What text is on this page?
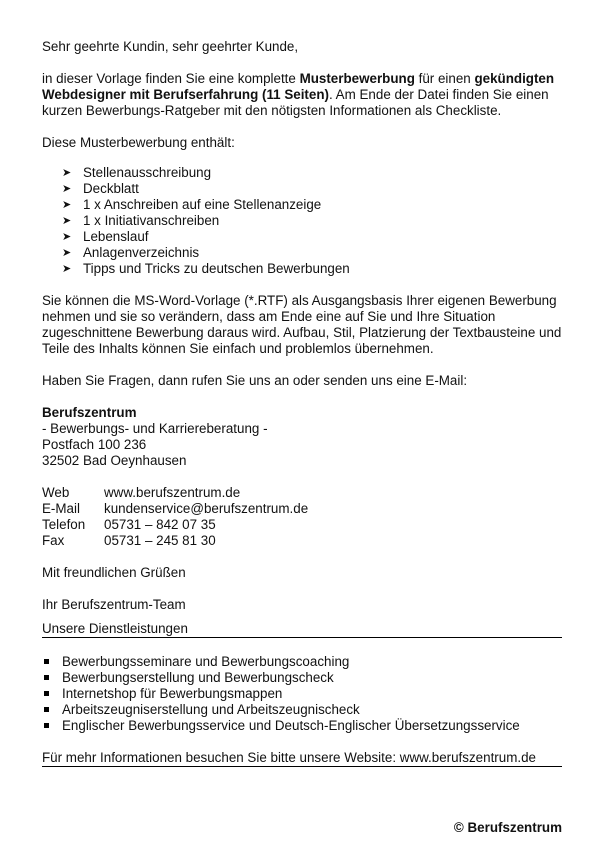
Sehr geehrte Kundin, sehr geehrter Kunde,

in dieser Vorlage finden Sie eine komplette Musterbewerbung für einen gekündigten Webdesigner mit Berufserfahrung (11 Seiten). Am Ende der Datei finden Sie einen kurzen Bewerbungs-Ratgeber mit den nötigsten Informationen als Checkliste.

Diese Musterbewerbung enthält:

➤ Stellenausschreibung
➤ Deckblatt
➤ 1 x Anschreiben auf eine Stellenanzeige
➤ 1 x Initiativanschreiben
➤ Lebenslauf
➤ Anlagenverzeichnis
➤ Tipps und Tricks zu deutschen Bewerbungen

Sie können die MS-Word-Vorlage (*.RTF) als Ausgangsbasis Ihrer eigenen Bewerbung nehmen und sie so verändern, dass am Ende eine auf Sie und Ihre Situation zugeschnittene Bewerbung daraus wird. Aufbau, Stil, Platzierung der Textbausteine und Teile des Inhalts können Sie einfach und problemlos übernehmen.

Haben Sie Fragen, dann rufen Sie uns an oder senden uns eine E-Mail:

Berufszentrum

- Bewerbungs- und Karriereberatung -

Postfach 100 236

32502 Bad Oeynhausen

Web	www.berufszentrum.de
E-Mail	kundenservice@berufszentrum.de
Telefon	05731 – 842 07 35
Fax	05731 – 245 81 30

Mit freundlichen Grüßen

Ihr Berufszentrum-Team

Unsere Dienstleistungen

Bewerbungsseminare und Bewerbungscoaching
Bewerbungserstellung und Bewerbungscheck
Internetshop für Bewerbungsmappen
Arbeitszeugniserstellung und Arbeitszeugnischeck
Englischer Bewerbungsservice und Deutsch-Englischer Übersetzungsservice

Für mehr Informationen besuchen Sie bitte unsere Website: www.berufszentrum.de

© Berufszentrum
